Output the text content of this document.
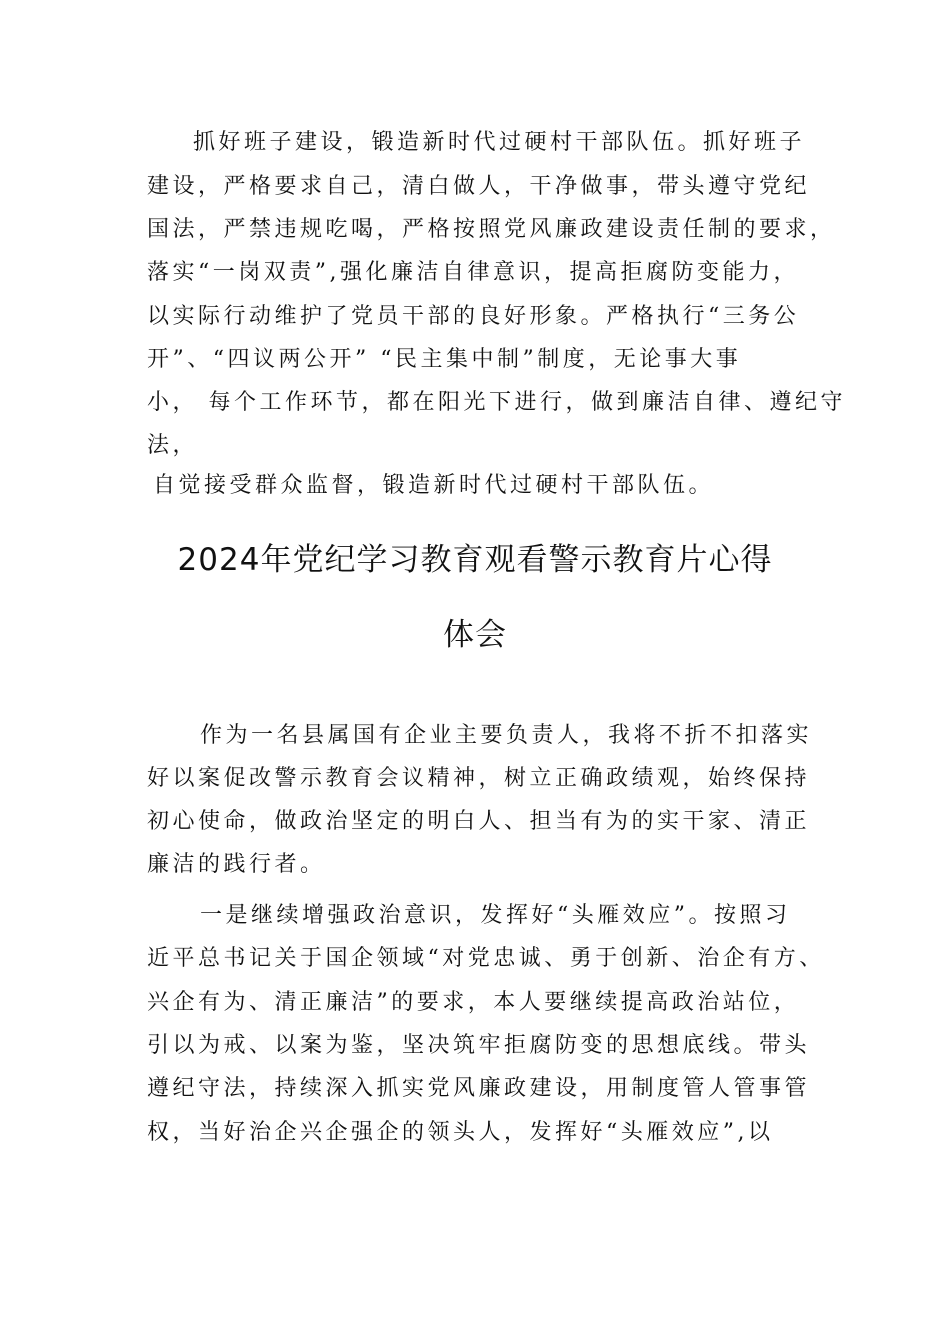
抓好班子建设，锻造新时代过硬村干部队伍。抓好班子
建设，严格要求自己，清白做人，干净做事，带头遵守党纪
国法，严禁违规吃喝，严格按照党风廉政建设责任制的要求，
落实“一岗双责”,强化廉洁自律意识，提高拒腐防变能力，
以实际行动维护了党员干部的良好形象。严格执行“三务公
开”、“四议两公开” “民主集中制”制度，无论事大事
小， 每个工作环节，都在阳光下进行，做到廉洁自律、遵纪守
法，
自觉接受群众监督，锻造新时代过硬村干部队伍。
2024年党纪学习教育观看警示教育片心得
体会
作为一名县属国有企业主要负责人，我将不折不扣落实
好以案促改警示教育会议精神，树立正确政绩观，始终保持
初心使命，做政治坚定的明白人、担当有为的实干家、清正
廉洁的践行者。
一是继续增强政治意识，发挥好“头雁效应”。按照习
近平总书记关于国企领域“对党忠诚、勇于创新、治企有方、
兴企有为、清正廉洁”的要求，本人要继续提高政治站位，
引以为戒、以案为鉴，坚决筑牢拒腐防变的思想底线。带头
遵纪守法，持续深入抓实党风廉政建设，用制度管人管事管
权，当好治企兴企强企的领头人，发挥好“头雁效应”,以
